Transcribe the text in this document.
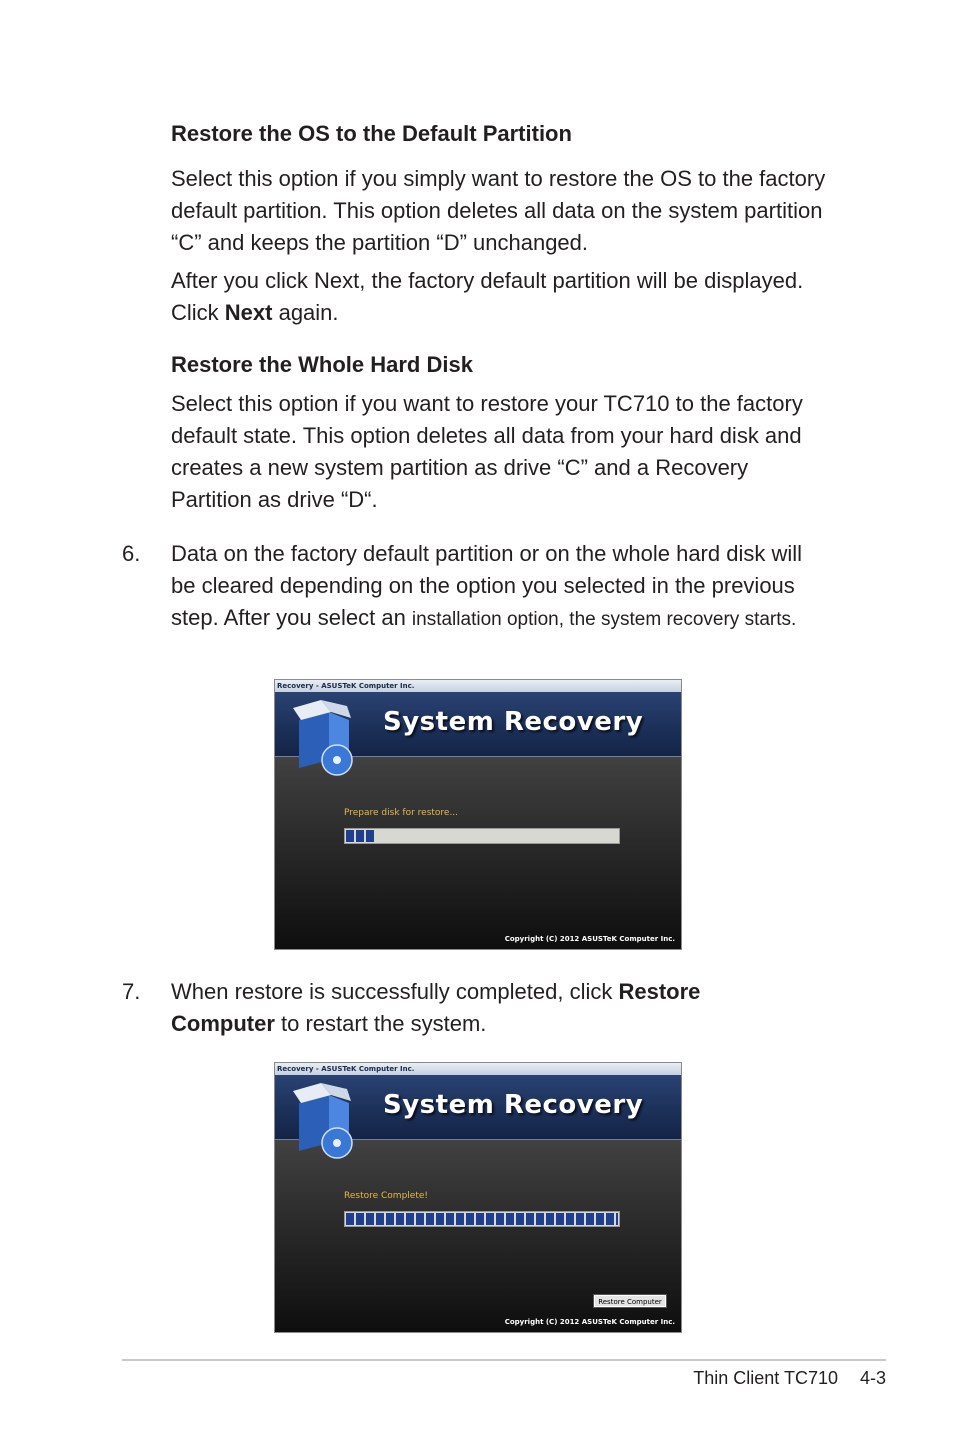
Restore the OS to the Default Partition
Select this option if you simply want to restore the OS to the factory default partition. This option deletes all data on the system partition “C” and keeps the partition “D” unchanged.
After you click Next, the factory default partition will be displayed. Click Next again.
Restore the Whole Hard Disk
Select this option if you want to restore your TC710 to the factory default state. This option deletes all data from your hard disk and creates a new system partition as drive “C” and a Recovery Partition as drive “D“.
6. Data on the factory default partition or on the whole hard disk will be cleared depending on the option you selected in the previous step. After you select an installation option, the system recovery starts.
Recovery - ASUSTeK Computer Inc.
System Recovery
Prepare disk for restore...
Copyright (C) 2012 ASUSTeK Computer Inc.
7. When restore is successfully completed, click Restore Computer to restart the system.
Recovery - ASUSTeK Computer Inc.
System Recovery
Restore Complete!
Restore Computer
Copyright (C) 2012 ASUSTeK Computer Inc.
Thin Client TC710 4-3
